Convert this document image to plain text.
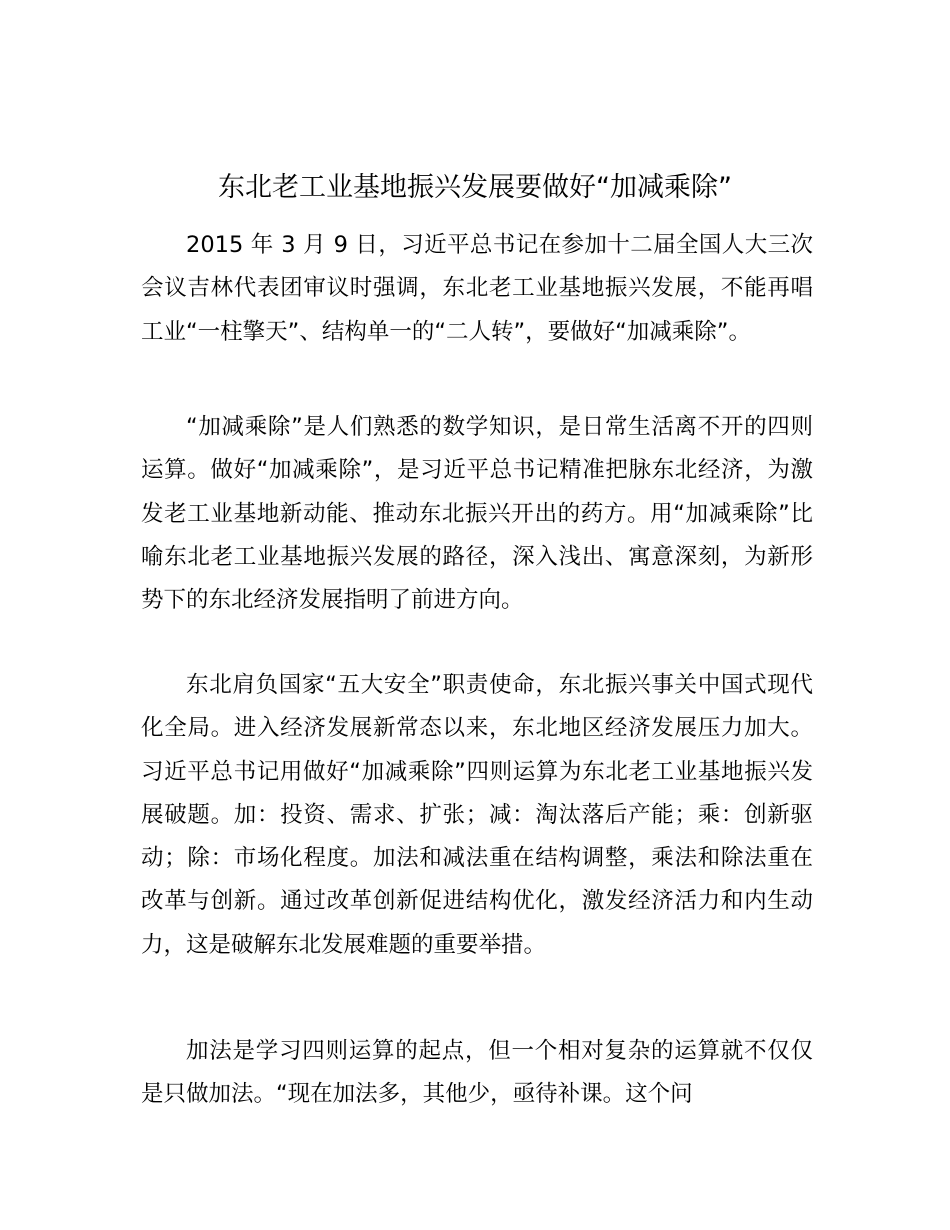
东北老工业基地振兴发展要做好“加减乘除”

2015 年 3 月 9 日，习近平总书记在参加十二届全国人大三次会议吉林代表团审议时强调，东北老工业基地振兴发展，不能再唱工业“一柱擎天”、结构单一的“二人转”，要做好“加减乘除”。

“加减乘除”是人们熟悉的数学知识，是日常生活离不开的四则运算。做好“加减乘除”，是习近平总书记精准把脉东北经济，为激发老工业基地新动能、推动东北振兴开出的药方。用“加减乘除”比喻东北老工业基地振兴发展的路径，深入浅出、寓意深刻，为新形势下的东北经济发展指明了前进方向。

东北肩负国家“五大安全”职责使命，东北振兴事关中国式现代化全局。进入经济发展新常态以来，东北地区经济发展压力加大。习近平总书记用做好“加减乘除”四则运算为东北老工业基地振兴发展破题。加：投资、需求、扩张；减：淘汰落后产能；乘：创新驱动；除：市场化程度。加法和减法重在结构调整，乘法和除法重在改革与创新。通过改革创新促进结构优化，激发经济活力和内生动力，这是破解东北发展难题的重要举措。

加法是学习四则运算的起点，但一个相对复杂的运算就不仅仅是只做加法。“现在加法多，其他少，亟待补课。这个问
